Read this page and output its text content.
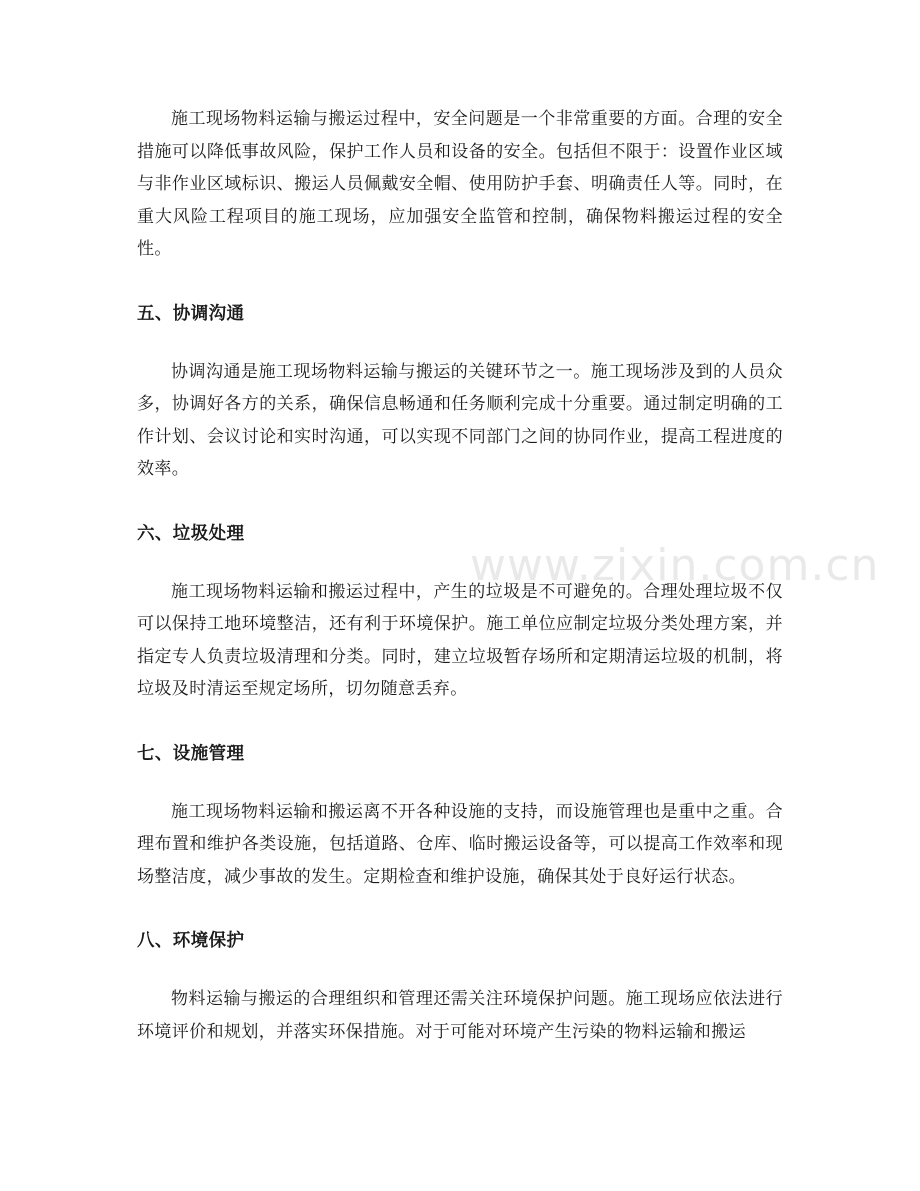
www.zixin.com.cn

施工现场物料运输与搬运过程中，安全问题是一个非常重要的方面。合理的安全措施可以降低事故风险，保护工作人员和设备的安全。包括但不限于：设置作业区域与非作业区域标识、搬运人员佩戴安全帽、使用防护手套、明确责任人等。同时，在重大风险工程项目的施工现场，应加强安全监管和控制，确保物料搬运过程的安全性。

五、协调沟通

协调沟通是施工现场物料运输与搬运的关键环节之一。施工现场涉及到的人员众多，协调好各方的关系，确保信息畅通和任务顺利完成十分重要。通过制定明确的工作计划、会议讨论和实时沟通，可以实现不同部门之间的协同作业，提高工程进度的效率。

六、垃圾处理

施工现场物料运输和搬运过程中，产生的垃圾是不可避免的。合理处理垃圾不仅可以保持工地环境整洁，还有利于环境保护。施工单位应制定垃圾分类处理方案，并指定专人负责垃圾清理和分类。同时，建立垃圾暂存场所和定期清运垃圾的机制，将垃圾及时清运至规定场所，切勿随意丢弃。

七、设施管理

施工现场物料运输和搬运离不开各种设施的支持，而设施管理也是重中之重。合理布置和维护各类设施，包括道路、仓库、临时搬运设备等，可以提高工作效率和现场整洁度，减少事故的发生。定期检查和维护设施，确保其处于良好运行状态。

八、环境保护

物料运输与搬运的合理组织和管理还需关注环境保护问题。施工现场应依法进行环境评价和规划，并落实环保措施。对于可能对环境产生污染的物料运输和搬运
